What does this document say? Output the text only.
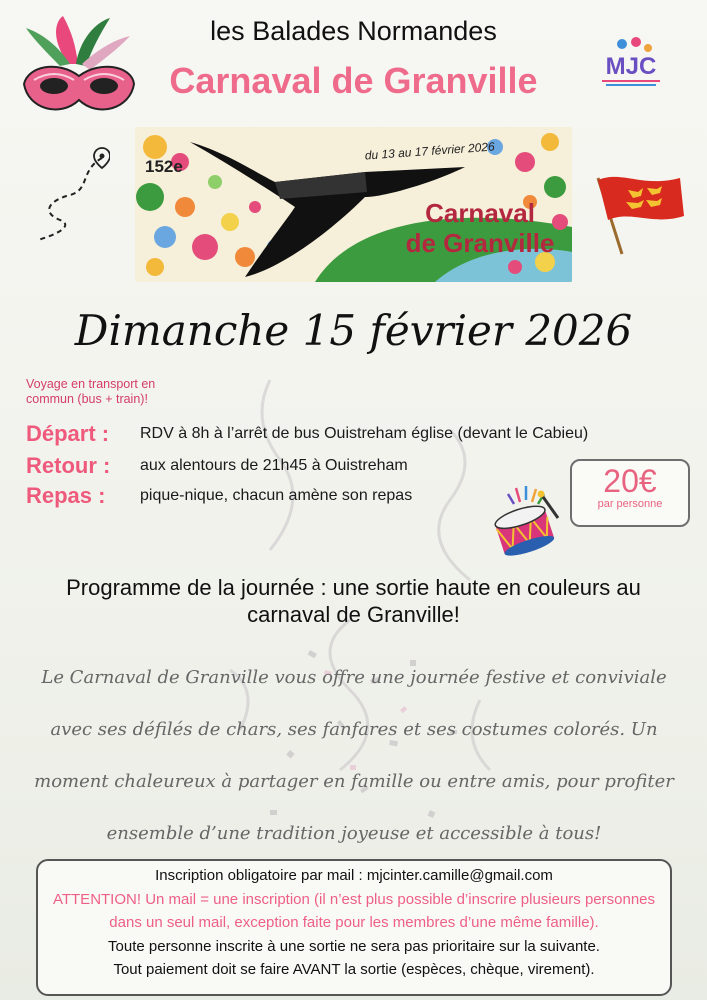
les Balades Normandes
Carnaval de Granville	MJC
152e
du 13 au 17 février 2026
Carnaval
de Granville
Dimanche 15 février 2026
Voyage en transport en commun (bus + train)!
Départ : RDV à 8h à l’arrêt de bus Ouistreham église (devant le Cabieu)
Retour : aux alentours de 21h45 à Ouistreham
Repas : pique-nique, chacun amène son repas	20€
par personne
Programme de la journée : une sortie haute en couleurs au carnaval de Granville!
Le Carnaval de Granville vous offre une journée festive et conviviale avec ses défilés de chars, ses fanfares et ses costumes colorés. Un moment chaleureux à partager en famille ou entre amis, pour profiter ensemble d’une tradition joyeuse et accessible à tous!

Inscription obligatoire par mail : mjcinter.camille@gmail.com

ATTENTION! Un mail = une inscription (il n’est plus possible d’inscrire plusieurs personnes dans un seul mail, exception faite pour les membres d’une même famille).

Toute personne inscrite à une sortie ne sera pas prioritaire sur la suivante.

Tout paiement doit se faire AVANT la sortie (espèces, chèque, virement).
